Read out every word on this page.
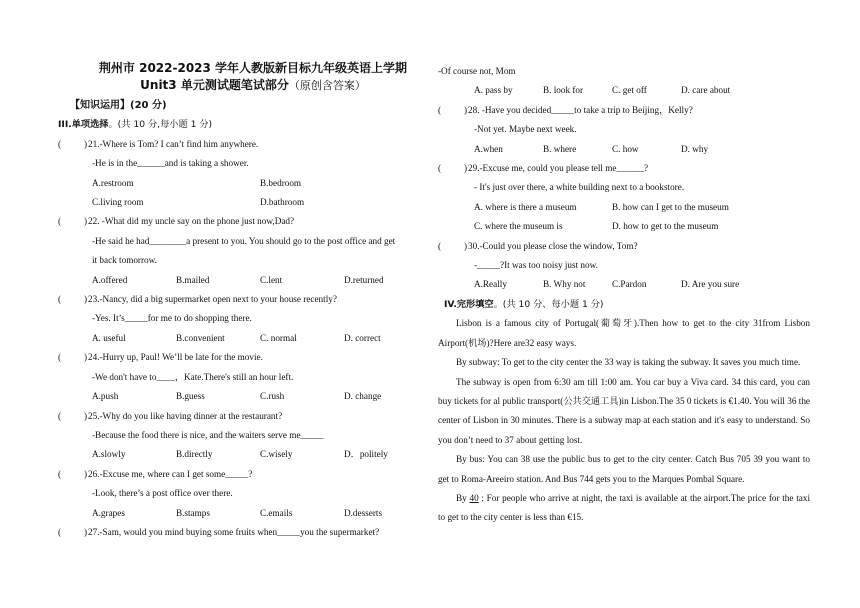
荆州市 2022-2023 学年人教版新目标九年级英语上学期
Unit3 单元测试题笔试部分（原创含答案）
【知识运用】(20 分)
III.单项选择。(共 10 分,每小题 1 分)
( ) 21.-Where is Tom? I can’t find him anywhere.
-He is in the______and is taking a shower.
A.restroom	B.bedroom
C.living room	D.bathroom
( ) 22. -What did my uncle say on the phone just now,Dad?
-He said he had________a present to you. You should go to the post office and get
it back tomorrow.
A.offered	B.mailed	C.lent	D.returned
( ) 23.-Nancy, did a big supermarket open next to your house recently?
-Yes. It’s_____for me to do shopping there.
A. useful	B.convenient	C. normal	D. correct
( ) 24.-Hurry up, Paul! We’ll be late for the movie.
-We don't have to____，Kate.There's still an hour left.
A.push	B.guess	C.rush	D. change
( ) 25.-Why do you like having dinner at the restaurant?
-Because the food there is nice, and the waiters serve me_____
A.slowly	B.directly	C.wisely	D．politely
( ) 26.-Excuse me, where can I get some_____?
-Look, there’s a post office over there.
A.grapes	B.stamps	C.emails	D.desserts
( ) 27.-Sam, would you mind buying some fruits when_____you the supermarket?
-Of course not, Mom
A. pass by	B. look for	C. get off	D. care about
( ) 28. -Have you decided_____to take a trip to Beijing，Kelly?
-Not yet. Maybe next week.
A.when	B. where	C. how	D. why
( ) 29.-Excuse me, could you please tell me______?
- It's just over there, a white building next to a bookstore.
A. where is there a museum	B. how can I get to the museum
C. where the museum is	D. how to get to the museum
( ) 30.-Could you please close the window, Tom?
-_____?It was too noisy just now.
A.Really	B. Why not	C.Pardon	D. Are you sure
IV.完形填空。(共 10 分、每小题 1 分)
Lisbon is a famous city of Portugal(葡萄牙).Then how to get to the city 31from Lisbon Airport(机场)?Here are32 easy ways.
By subway: To get to the city center the 33 way is taking the subway. It saves you much time.
The subway is open from 6:30 am till 1:00 am. You car buy a Viva card. 34 this card, you can buy tickets for al public transport(公共交通工具)in Lisbon.The 35 0 tickets is €1.40. You will 36 the center of Lisbon in 30 minutes. There is a subway map at each station and it's easy to understand. So you don’t need to 37 about getting lost.
By bus: You can 38 use the public bus to get to the city center. Catch Bus 705 39 you want to get to Roma-Areeiro station. And Bus 744 gets you to the Marques Pombal Square.
By 40 : For people who arrive at night, the taxi is available at the airport.The price for the taxi to get to the city center is less than €15.
